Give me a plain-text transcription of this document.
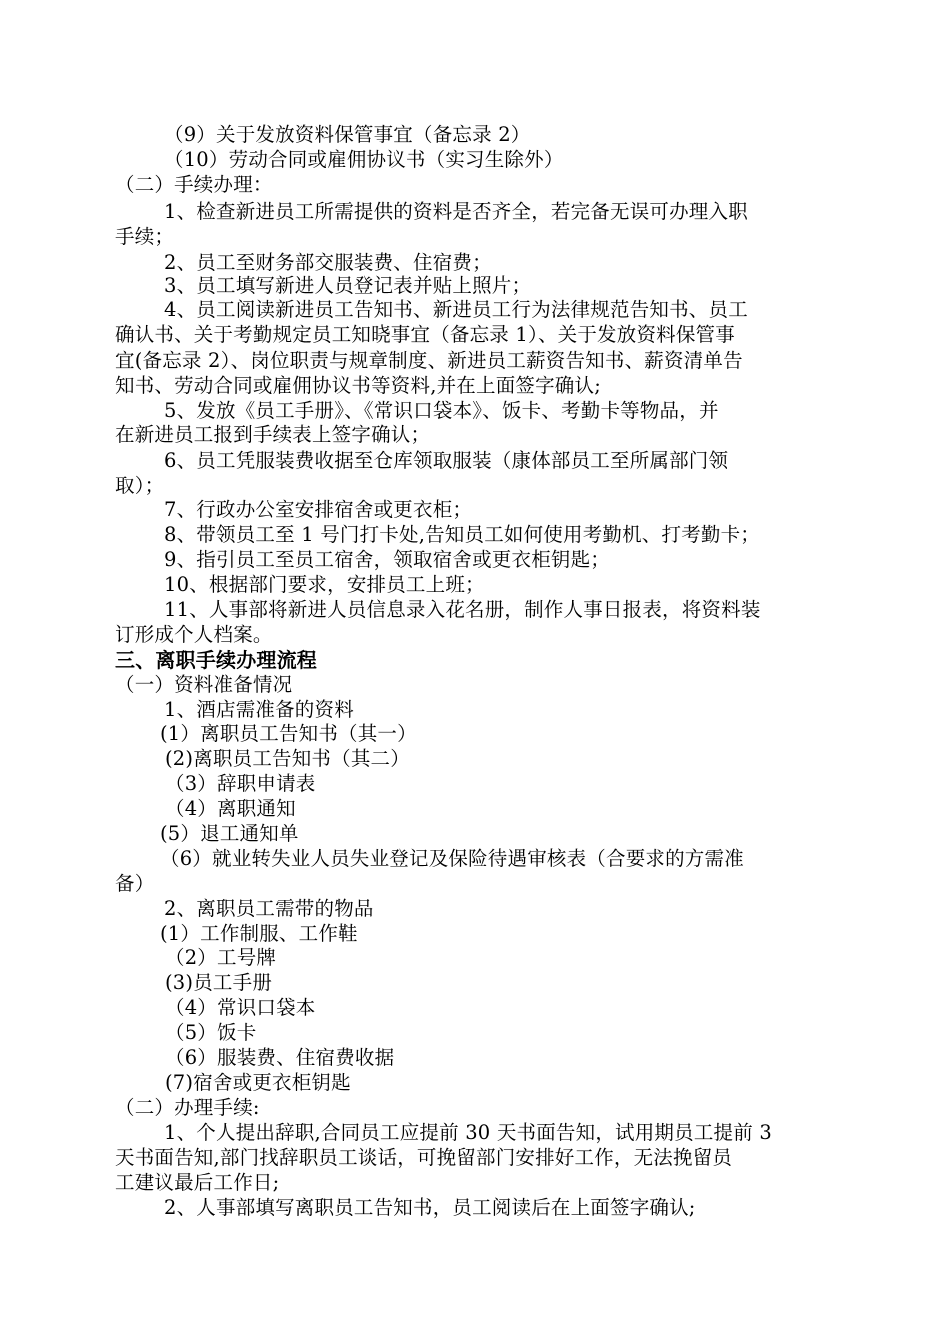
（9）关于发放资料保管事宜（备忘录 2）
（10）劳动合同或雇佣协议书（实习生除外）
（二）手续办理：
1、检查新进员工所需提供的资料是否齐全，若完备无误可办理入职
手续；
2、员工至财务部交服装费、住宿费；
3、员工填写新进人员登记表并贴上照片；
4、员工阅读新进员工告知书、新进员工行为法律规范告知书、员工
确认书、关于考勤规定员工知晓事宜（备忘录 1）、关于发放资料保管事
宜(备忘录 2）、岗位职责与规章制度、新进员工薪资告知书、薪资清单告
知书、劳动合同或雇佣协议书等资料,并在上面签字确认;
5、发放《员工手册》、《常识口袋本》、饭卡、考勤卡等物品，并
在新进员工报到手续表上签字确认；
6、员工凭服装费收据至仓库领取服装（康体部员工至所属部门领
取）；
7、行政办公室安排宿舍或更衣柜；
8、带领员工至 1 号门打卡处,告知员工如何使用考勤机、打考勤卡；
9、指引员工至员工宿舍，领取宿舍或更衣柜钥匙；
10、根据部门要求，安排员工上班；
11、人事部将新进人员信息录入花名册，制作人事日报表，将资料装
订形成个人档案。
三、离职手续办理流程
（一）资料准备情况
1、酒店需准备的资料
(1）离职员工告知书（其一）
(2)离职员工告知书（其二）
（3）辞职申请表
（4）离职通知
(5）退工通知单
（6）就业转失业人员失业登记及保险待遇审核表（合要求的方需准
备）
2、离职员工需带的物品
(1）工作制服、工作鞋
（2）工号牌
(3)员工手册
（4）常识口袋本
（5）饭卡
（6）服装费、住宿费收据
(7)宿舍或更衣柜钥匙
（二）办理手续:
1、个人提出辞职,合同员工应提前 30 天书面告知，试用期员工提前 3
天书面告知,部门找辞职员工谈话，可挽留部门安排好工作，无法挽留员
工建议最后工作日;
2、人事部填写离职员工告知书，员工阅读后在上面签字确认;
